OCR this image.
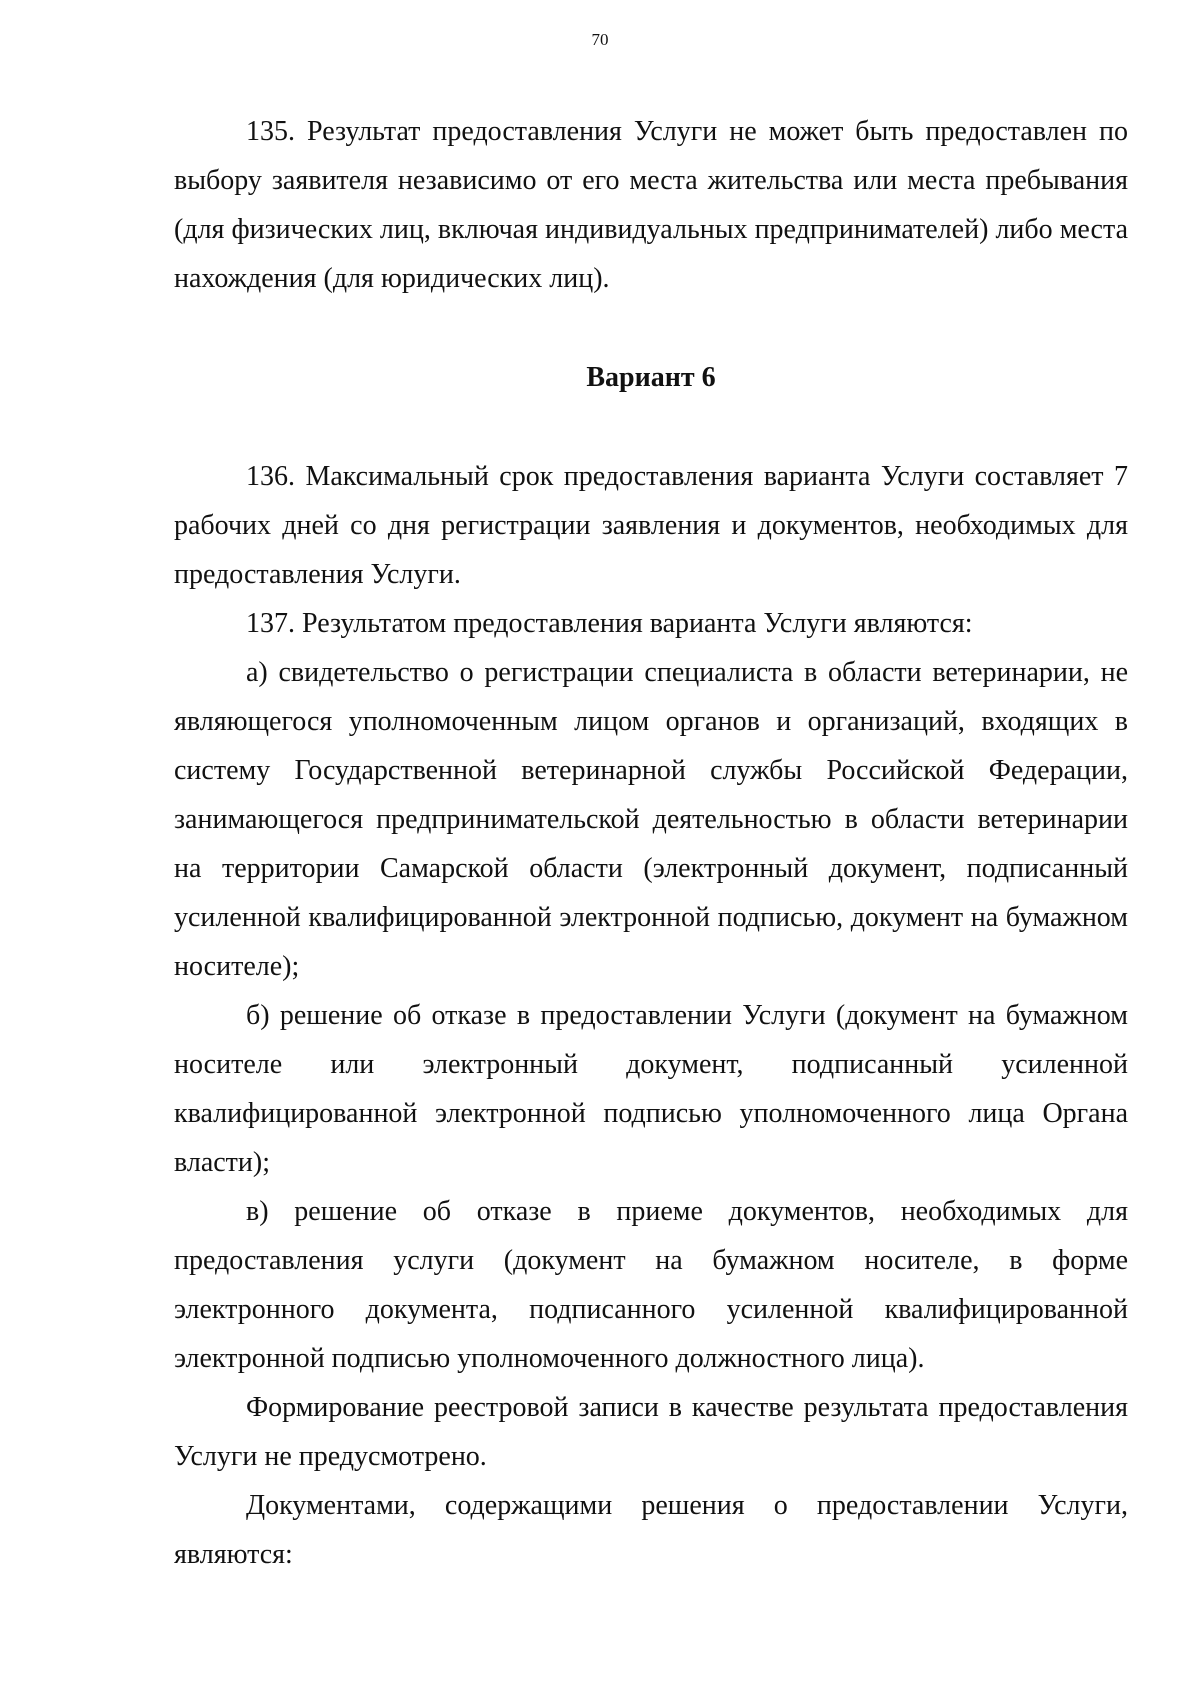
70

135. Результат предоставления Услуги не может быть предоставлен по выбору заявителя независимо от его места жительства или места пребывания (для физических лиц, включая индивидуальных предпринимателей) либо места нахождения (для юридических лиц).

Вариант 6

136. Максимальный срок предоставления варианта Услуги составляет 7 рабочих дней со дня регистрации заявления и документов, необходимых для предоставления Услуги.

137. Результатом предоставления варианта Услуги являются:

а) свидетельство о регистрации специалиста в области ветеринарии, не являющегося уполномоченным лицом органов и организаций, входящих в систему Государственной ветеринарной службы Российской Федерации, занимающегося предпринимательской деятельностью в области ветеринарии на территории Самарской области (электронный документ, подписанный усиленной квалифицированной электронной подписью, документ на бумажном носителе);

б) решение об отказе в предоставлении Услуги (документ на бумажном носителе или электронный документ, подписанный усиленной квалифицированной электронной подписью уполномоченного лица Органа власти);

в) решение об отказе в приеме документов, необходимых для предоставления услуги (документ на бумажном носителе, в форме электронного документа, подписанного усиленной квалифицированной электронной подписью уполномоченного должностного лица).

Формирование реестровой записи в качестве результата предоставления Услуги не предусмотрено.

Документами, содержащими решения о предоставлении Услуги, являются:
